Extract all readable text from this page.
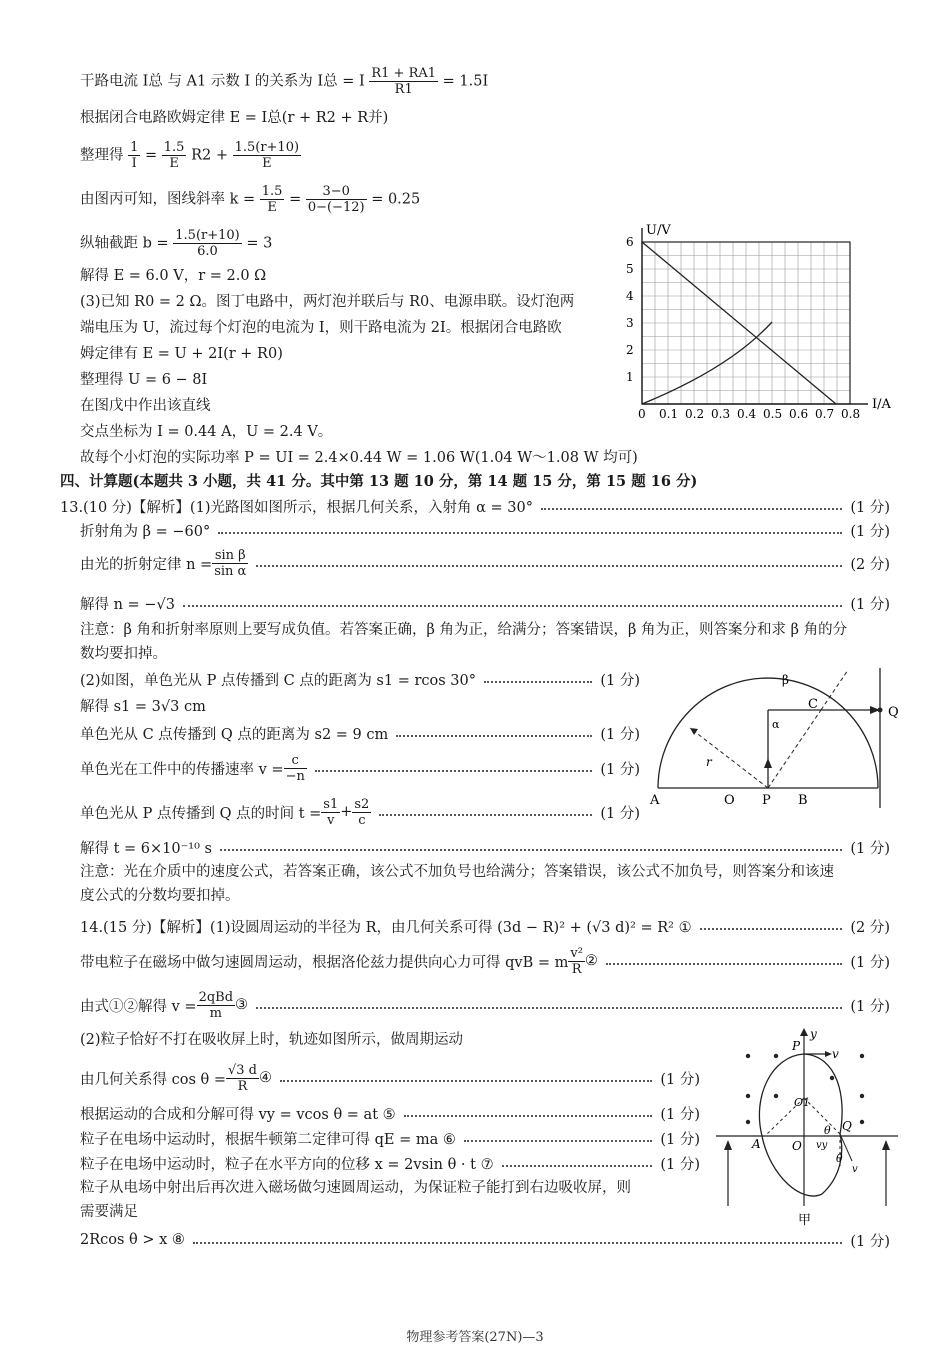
干路电流 I总 与 A1 示数 I 的关系为 I总 = I $\frac{R1 + RA1}{R1} = 1.5I$
根据闭合电路欧姆定律 E = I总(r + R2 + R并)
整理得 $\frac{1}{I} = \frac{1.5}{E} R2 + \frac{1.5(r+10)}{E}$
由图丙可知，图线斜率 $k = \frac{1.5}{E} = \frac{3-0}{0-(-12)} = 0.25$
纵轴截距 $b = \frac{1.5(r+10)}{6.0} = 3$
解得 E = 6.0 V，r = 2.0 Ω
(3)已知 R0 = 2 Ω。图丁电路中，两灯泡并联后与 R0、电源串联。设灯泡两
端电压为 U，流过每个灯泡的电流为 I，则干路电流为 2I。根据闭合电路欧
姆定律有 E = U + 2I(r + R0)
整理得 U = 6 − 8I
在图戊中作出该直线
交点坐标为 I = 0.44 A，U = 2.4 V。
故每个小灯泡的实际功率 P = UI = 2.4×0.44 W = 1.06 W(1.04 W～1.08 W 均可)
U/V
I/A
1
2
3
4
5
6
0 0.1 0.2 0.3 0.4 0.5 0.6 0.7 0.8
四、计算题(本题共 3 小题，共 41 分。其中第 13 题 10 分，第 14 题 15 分，第 15 题 16 分)
13.(10 分)【解析】(1)光路图如图所示，根据几何关系，入射角 α = 30°	(1 分)
折射角为 β = −60°	(1 分)
由光的折射定律 $n = \frac{\text{sin β}}{\text{sin α}}$	(2 分)
解得 n = −√3	(1 分)
注意：β 角和折射率原则上要写成负值。若答案正确，β 角为正，给满分；答案错误，β 角为正，则答案分和求 β 角的分
数均要扣掉。
(2)如图，单色光从 P 点传播到 C 点的距离为 s1 = rcos 30°	(1 分)
解得 s1 = 3√3 cm
单色光从 C 点传播到 Q 点的距离为 s2 = 9 cm	(1 分)
单色光在工件中的传播速率 $v = \frac{c}{-n}$	(1 分)
单色光从 P 点传播到 Q 点的时间 $t = \frac{s1}{v} + \frac{s2}{c}$	(1 分)
解得 t = 6×10⁻¹⁰ s	(1 分)
注意：光在介质中的速度公式，若答案正确，该公式不加负号也给满分；答案错误，该公式不加负号，则答案分和该速
度公式的分数均要扣掉。
A	O P B
C
Q
r
α
β
14.(15 分)【解析】(1)设圆周运动的半径为 R，由几何关系可得 (3d − R)² + (√3 d)² = R² ①	(2 分)
带电粒子在磁场中做匀速圆周运动，根据洛伦兹力提供向心力可得 qvB = m $\frac{\text{v²}}{R}$ ②	(1 分)
由式①②解得 $v = \frac{\text{2qBd}}{m}$ ③	(1 分)
(2)粒子恰好不打在吸收屏上时，轨迹如图所示，做周期运动
由几何关系得 $\cos \theta = \frac{√3 d}{R}$ ④	(1 分)
根据运动的合成和分解可得 vy = vcos θ = at ⑤	(1 分)
粒子在电场中运动时，根据牛顿第二定律可得 qE = ma ⑥	(1 分)
粒子在电场中运动时，粒子在水平方向的位移 x = 2vsin θ · t ⑦	(1 分)
粒子从电场中射出后再次进入磁场做匀速圆周运动，为保证粒子能打到右边吸收屏，则
需要满足
2Rcos θ > x ⑧	(1 分)
y
P
v
O1
O
A
θ Q
vy
v
θ
甲
物理参考答案(27N)—3
